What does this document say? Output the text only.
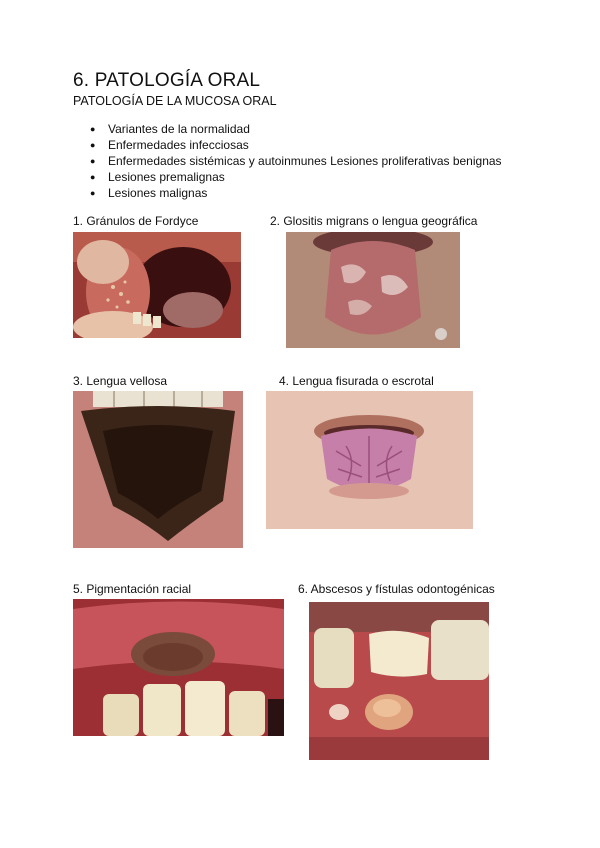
6. PATOLOGÍA ORAL
PATOLOGÍA DE LA MUCOSA ORAL
● Variantes de la normalidad
● Enfermedades infecciosas
● Enfermedades sistémicas y autoinmunes Lesiones proliferativas benignas
● Lesiones premalignas
● Lesiones malignas
1. Gránulos de Fordyce	2. Glositis migrans o lengua geográfica
3. Lengua vellosa	4. Lengua fisurada o escrotal
5. Pigmentación racial	6. Abscesos y fístulas odontogénicas
